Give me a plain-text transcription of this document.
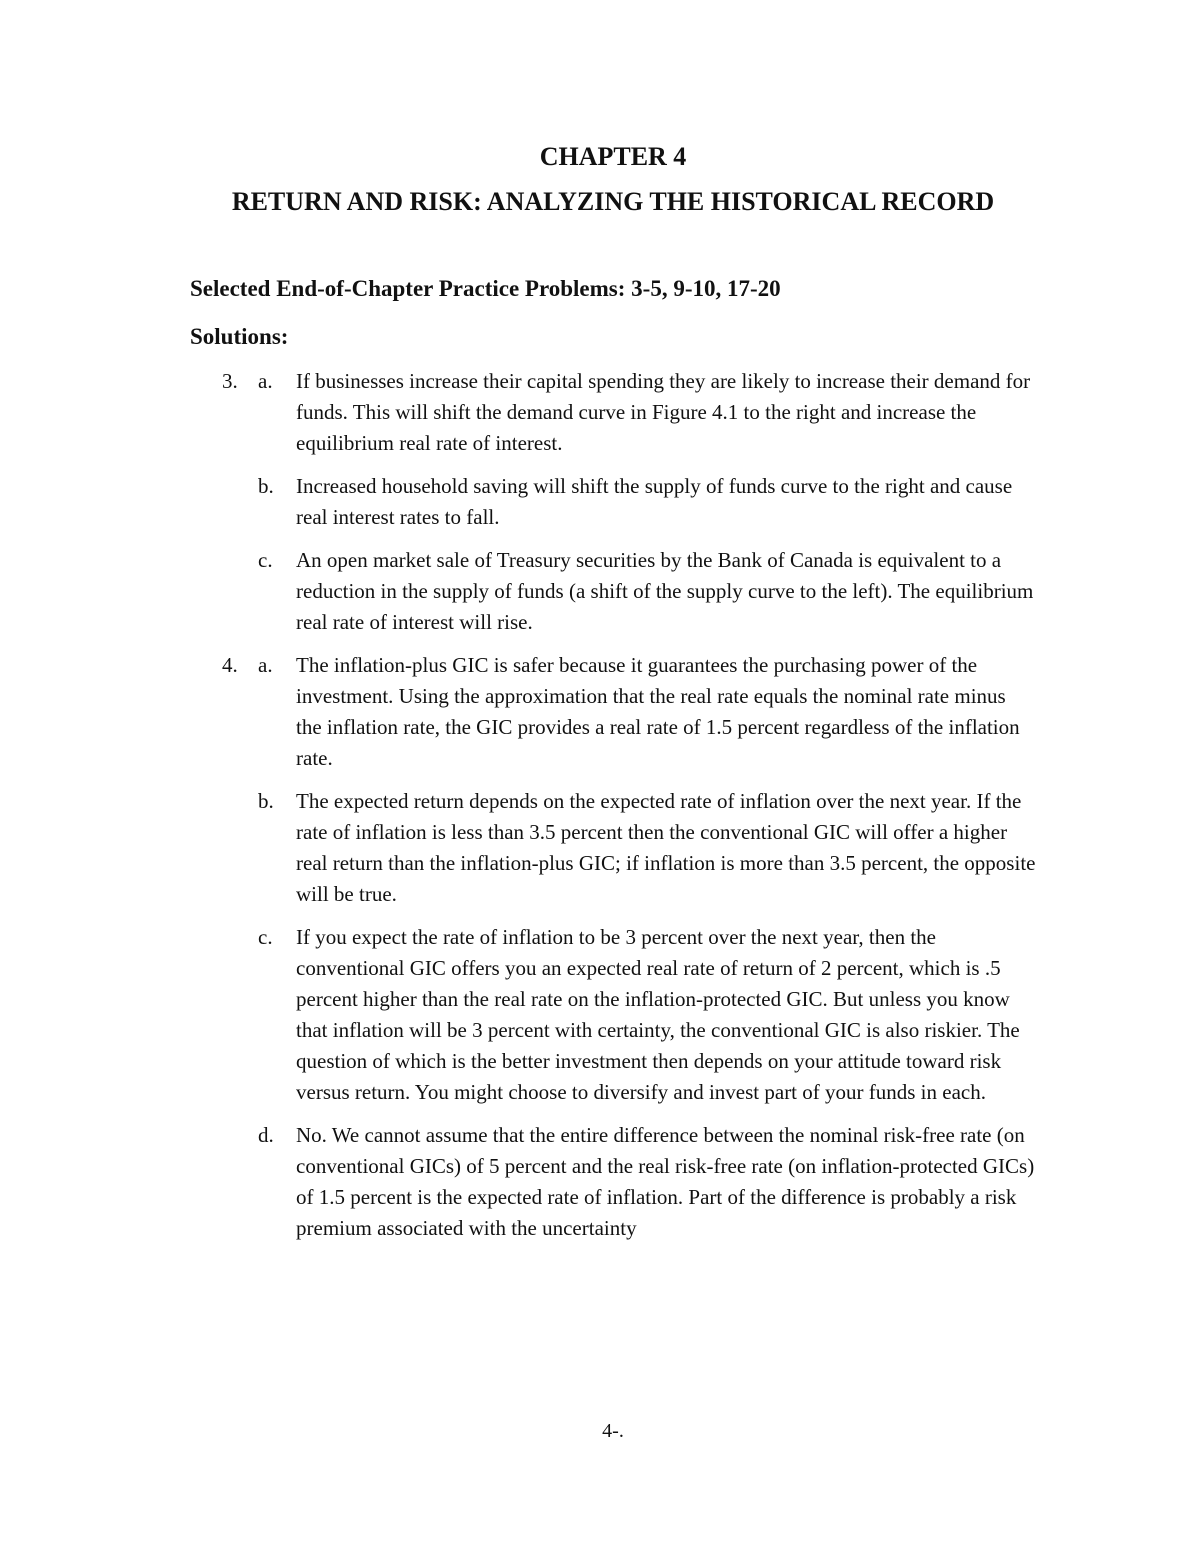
CHAPTER 4
RETURN AND RISK: ANALYZING THE HISTORICAL RECORD
Selected End-of-Chapter Practice Problems: 3-5, 9-10, 17-20
Solutions:
3. a. If businesses increase their capital spending they are likely to increase their demand for funds. This will shift the demand curve in Figure 4.1 to the right and increase the equilibrium real rate of interest.
b. Increased household saving will shift the supply of funds curve to the right and cause real interest rates to fall.
c. An open market sale of Treasury securities by the Bank of Canada is equivalent to a reduction in the supply of funds (a shift of the supply curve to the left). The equilibrium real rate of interest will rise.
4. a. The inflation-plus GIC is safer because it guarantees the purchasing power of the investment. Using the approximation that the real rate equals the nominal rate minus the inflation rate, the GIC provides a real rate of 1.5 percent regardless of the inflation rate.
b. The expected return depends on the expected rate of inflation over the next year. If the rate of inflation is less than 3.5 percent then the conventional GIC will offer a higher real return than the inflation-plus GIC; if inflation is more than 3.5 percent, the opposite will be true.
c. If you expect the rate of inflation to be 3 percent over the next year, then the conventional GIC offers you an expected real rate of return of 2 percent, which is .5 percent higher than the real rate on the inflation-protected GIC. But unless you know that inflation will be 3 percent with certainty, the conventional GIC is also riskier. The question of which is the better investment then depends on your attitude toward risk versus return. You might choose to diversify and invest part of your funds in each.
d. No. We cannot assume that the entire difference between the nominal risk-free rate (on conventional GICs) of 5 percent and the real risk-free rate (on inflation-protected GICs) of 1.5 percent is the expected rate of inflation. Part of the difference is probably a risk premium associated with the uncertainty
4-.
